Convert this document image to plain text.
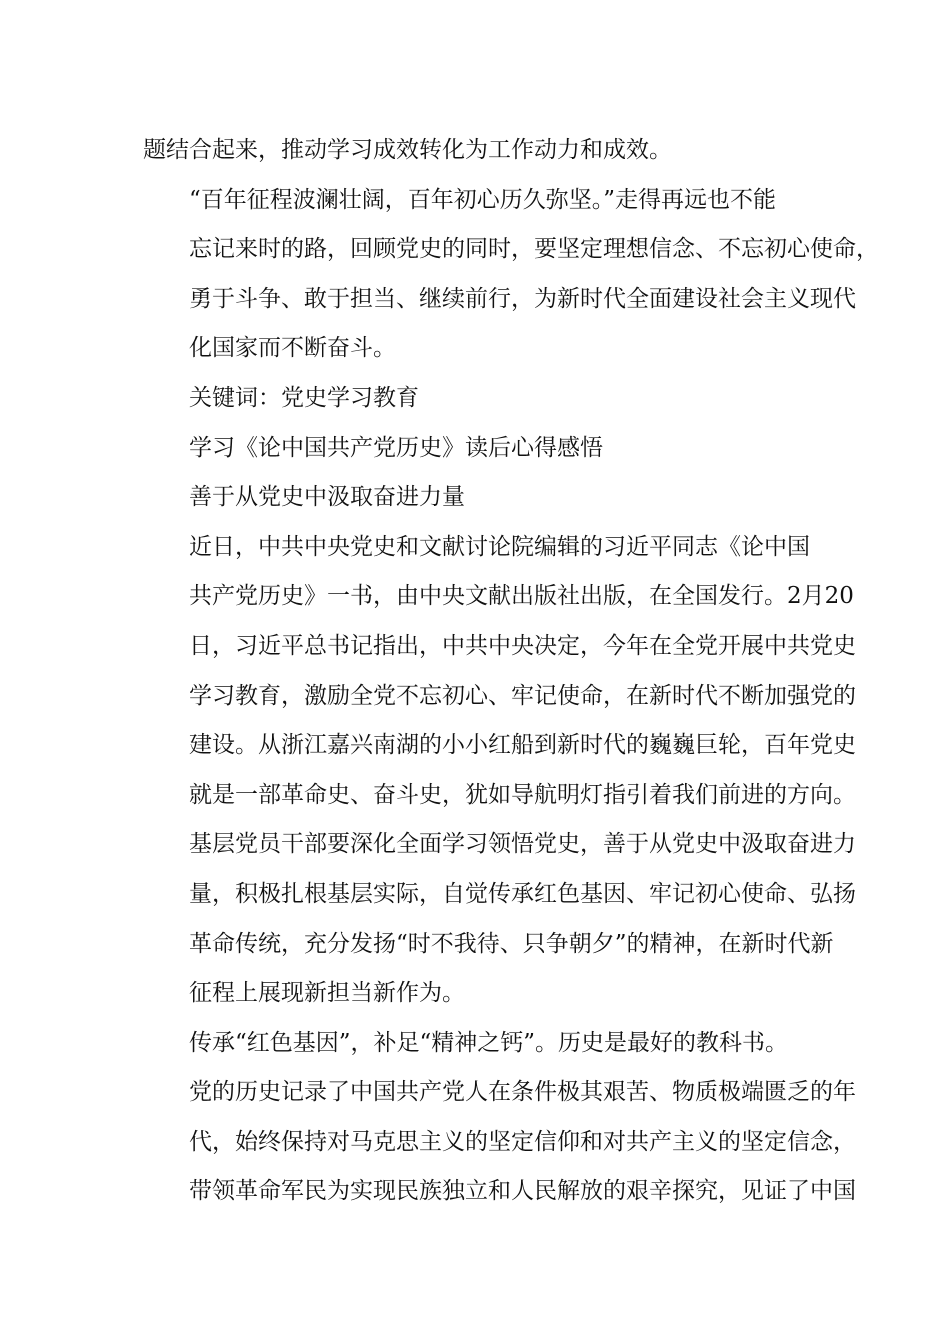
题结合起来，推动学习成效转化为工作动力和成效。

“百年征程波澜壮阔，百年初心历久弥坚。”走得再远也不能
忘记来时的路，回顾党史的同时，要坚定理想信念、不忘初心使命，
勇于斗争、敢于担当、继续前行，为新时代全面建设社会主义现代
化国家而不断奋斗。

关键词：党史学习教育

学习《论中国共产党历史》读后心得感悟

善于从党史中汲取奋进力量

近日，中共中央党史和文献讨论院编辑的习近平同志《论中国
共产党历史》一书，由中央文献出版社出版，在全国发行。2月20
日，习近平总书记指出，中共中央决定，今年在全党开展中共党史
学习教育，激励全党不忘初心、牢记使命，在新时代不断加强党的
建设。从浙江嘉兴南湖的小小红船到新时代的巍巍巨轮，百年党史
就是一部革命史、奋斗史，犹如导航明灯指引着我们前进的方向。
基层党员干部要深化全面学习领悟党史，善于从党史中汲取奋进力
量，积极扎根基层实际，自觉传承红色基因、牢记初心使命、弘扬
革命传统，充分发扬“时不我待、只争朝夕”的精神，在新时代新
征程上展现新担当新作为。

传承“红色基因”，补足“精神之钙”。历史是最好的教科书。
党的历史记录了中国共产党人在条件极其艰苦、物质极端匮乏的年
代，始终保持对马克思主义的坚定信仰和对共产主义的坚定信念，
带领革命军民为实现民族独立和人民解放的艰辛探究，见证了中国
